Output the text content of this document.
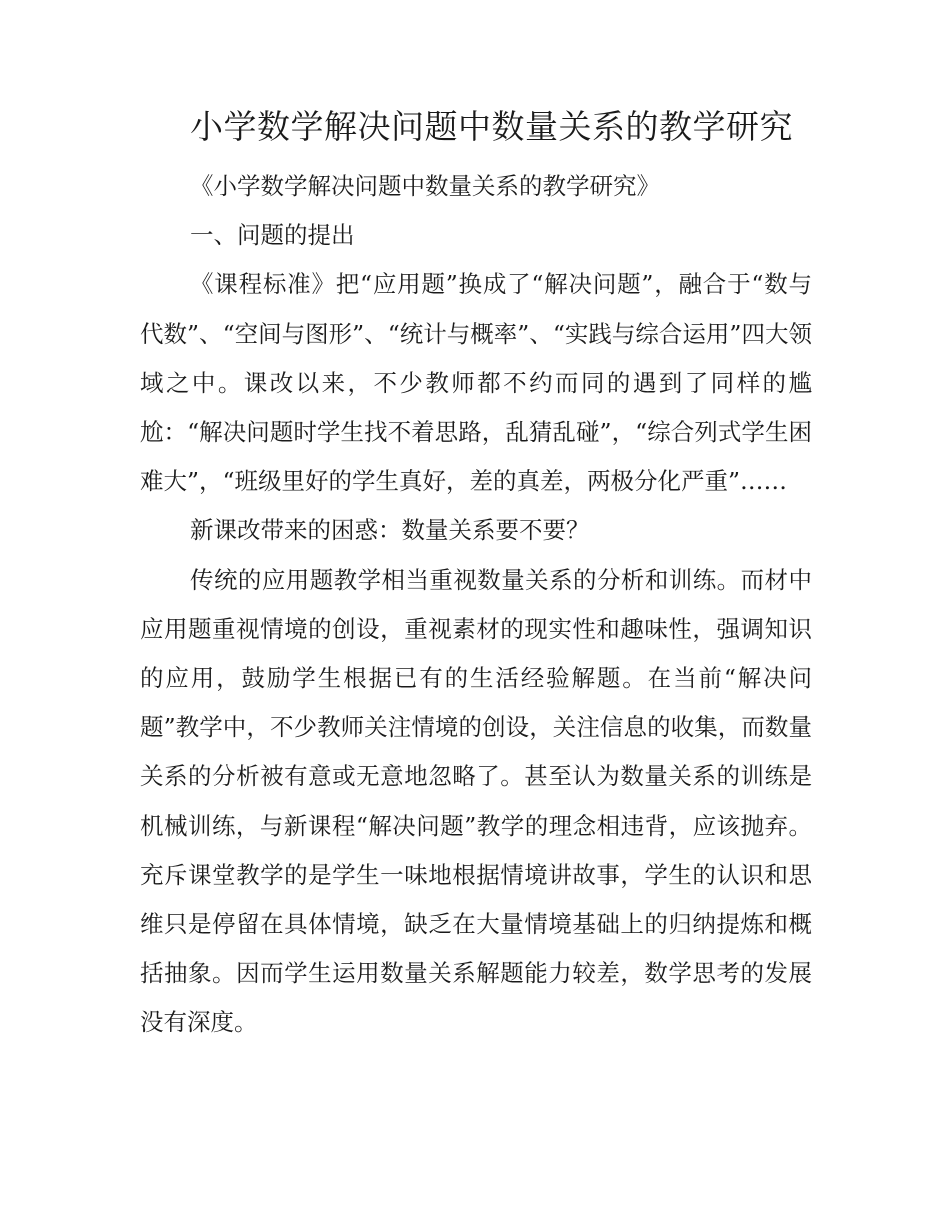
小学数学解决问题中数量关系的教学研究

《小学数学解决问题中数量关系的教学研究》

一、问题的提出

《课程标准》把“应用题”换成了“解决问题”，融合于“数与代数”、“空间与图形”、“统计与概率”、“实践与综合运用”四大领域之中。课改以来，不少教师都不约而同的遇到了同样的尴尬：“解决问题时学生找不着思路，乱猜乱碰”，“综合列式学生困难大”，“班级里好的学生真好，差的真差，两极分化严重”……

新课改带来的困惑：数量关系要不要？

传统的应用题教学相当重视数量关系的分析和训练。而材中应用题重视情境的创设，重视素材的现实性和趣味性，强调知识的应用，鼓励学生根据已有的生活经验解题。在当前“解决问题”教学中，不少教师关注情境的创设，关注信息的收集，而数量关系的分析被有意或无意地忽略了。甚至认为数量关系的训练是机械训练，与新课程“解决问题”教学的理念相违背，应该抛弃。充斥课堂教学的是学生一味地根据情境讲故事，学生的认识和思维只是停留在具体情境，缺乏在大量情境基础上的归纳提炼和概括抽象。因而学生运用数量关系解题能力较差，数学思考的发展没有深度。
